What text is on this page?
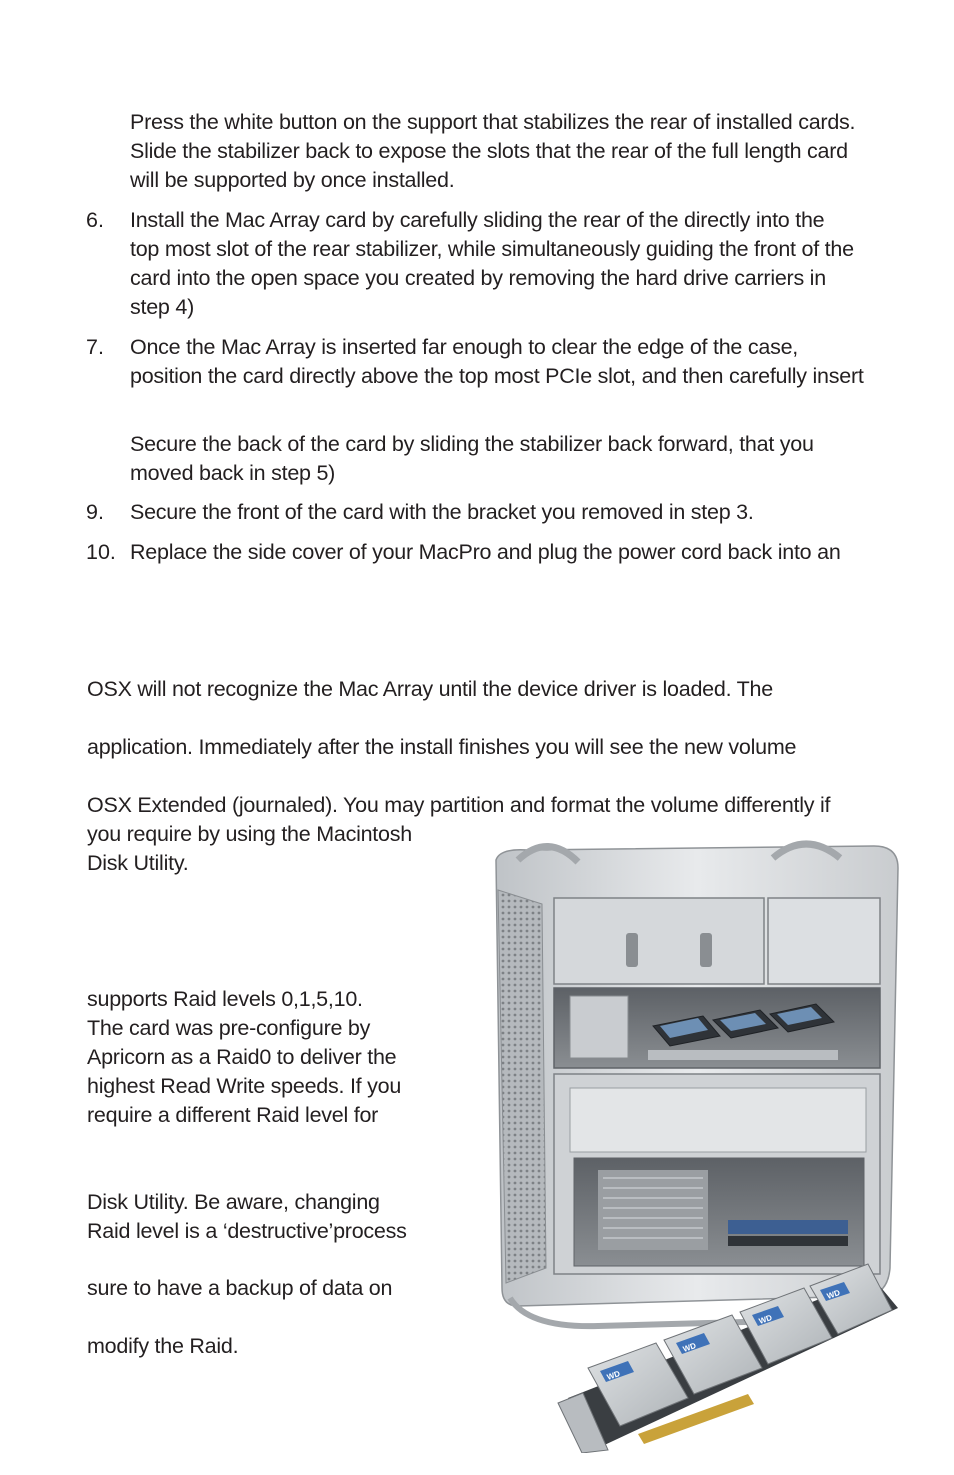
Press the white button on the support that stabilizes the rear of installed cards.
Slide the stabilizer back to expose the slots that the rear of the full length card
will be supported by once installed.
6. Install the Mac Array card by carefully sliding the rear of the directly into the
top most slot of the rear stabilizer, while simultaneously guiding the front of the
card into the open space you created by removing the hard drive carriers in
step 4)
7. Once the Mac Array is inserted far enough to clear the edge of the case,
position the card directly above the top most PCIe slot, and then carefully insert
Secure the back of the card by sliding the stabilizer back forward, that you
moved back in step 5)
9. Secure the front of the card with the bracket you removed in step 3.
10. Replace the side cover of your MacPro and plug the power cord back into an
OSX will not recognize the Mac Array until the device driver is loaded. The
application. Immediately after the install finishes you will see the new volume
OSX Extended (journaled). You may partition and format the volume differently if
you require by using the Macintosh
Disk Utility.
supports Raid levels 0,1,5,10.
The card was pre-configure by
Apricorn as a Raid0 to deliver the
highest Read Write speeds. If you
require a different Raid level for
Disk Utility. Be aware, changing
Raid level is a ‘destructive’process
sure to have a backup of data on
modify the Raid.
WD
WD
WD
WD
